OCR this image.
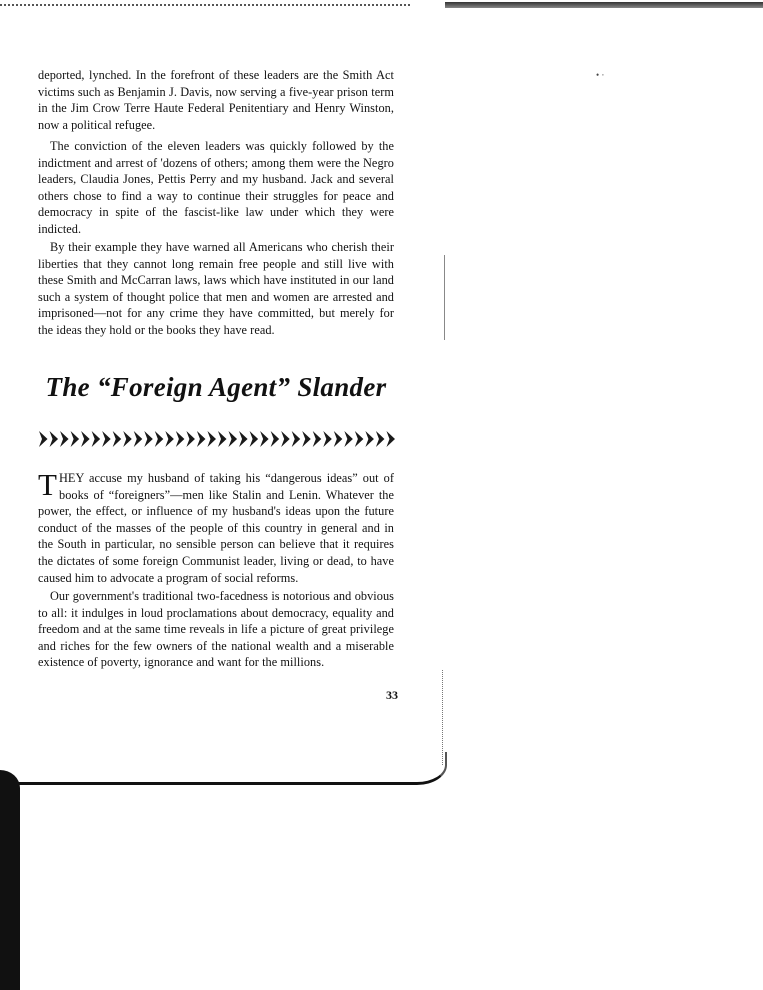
• ⋅

deported, lynched. In the forefront of these leaders are the Smith Act victims such as Benjamin J. Davis, now serving a five-year prison term in the Jim Crow Terre Haute Federal Penitentiary and Henry Winston, now a political refugee.

The conviction of the eleven leaders was quickly followed by the indictment and arrest of 'dozens of others; among them were the Negro leaders, Claudia Jones, Pettis Perry and my husband. Jack and several others chose to find a way to continue their struggles for peace and democracy in spite of the fascist-like law under which they were indicted.

By their example they have warned all Americans who cherish their liberties that they cannot long remain free people and still live with these Smith and McCarran laws, laws which have instituted in our land such a system of thought police that men and women are arrested and imprisoned—not for any crime they have committed, but merely for the ideas they hold or the books they have read.

The “Foreign Agent” Slander

THEY accuse my husband of taking his “dangerous ideas” out of books of “foreigners”—men like Stalin and Lenin. Whatever the power, the effect, or influence of my husband's ideas upon the future conduct of the masses of the people of this country in general and in the South in particular, no sensible person can believe that it requires the dictates of some foreign Communist leader, living or dead, to have caused him to advocate a program of social reforms.

Our government's traditional two-facedness is notorious and obvious to all: it indulges in loud proclamations about democracy, equality and freedom and at the same time reveals in life a picture of great privilege and riches for the few owners of the national wealth and a miserable existence of poverty, ignorance and want for the millions.

33
